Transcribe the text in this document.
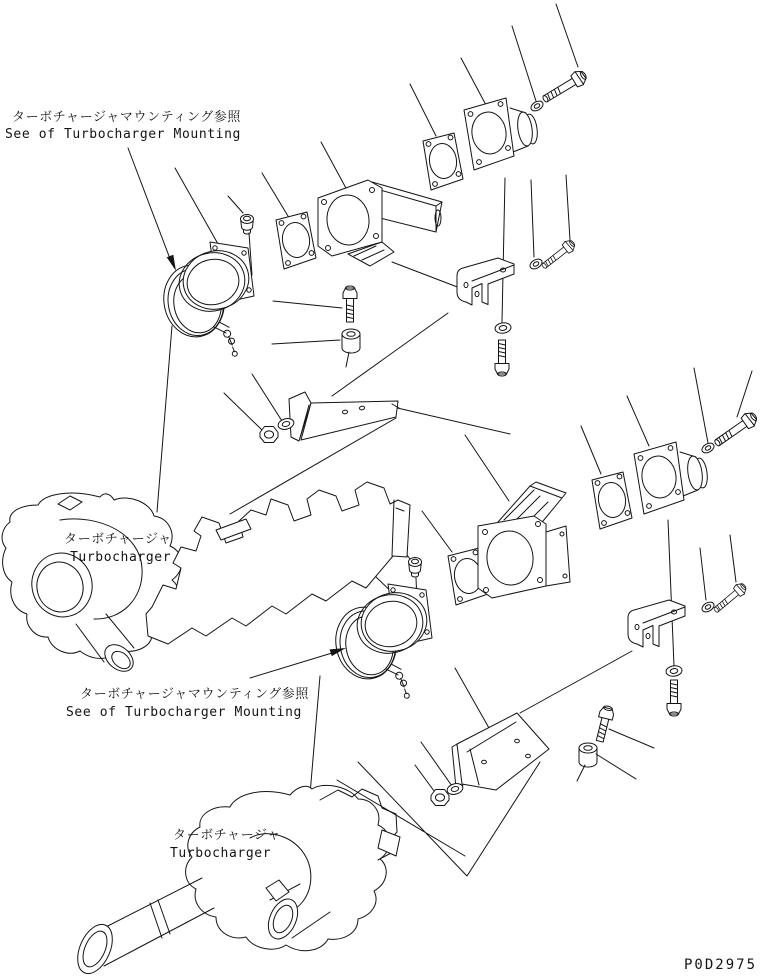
ターボチャージャマウンティング参照
See of Turbocharger Mounting
ターボチャージャ
Turbocharger
ターボチャージャマウンティング参照
See of Turbocharger Mounting
ターボチャージャ
Turbocharger
P0D2975
